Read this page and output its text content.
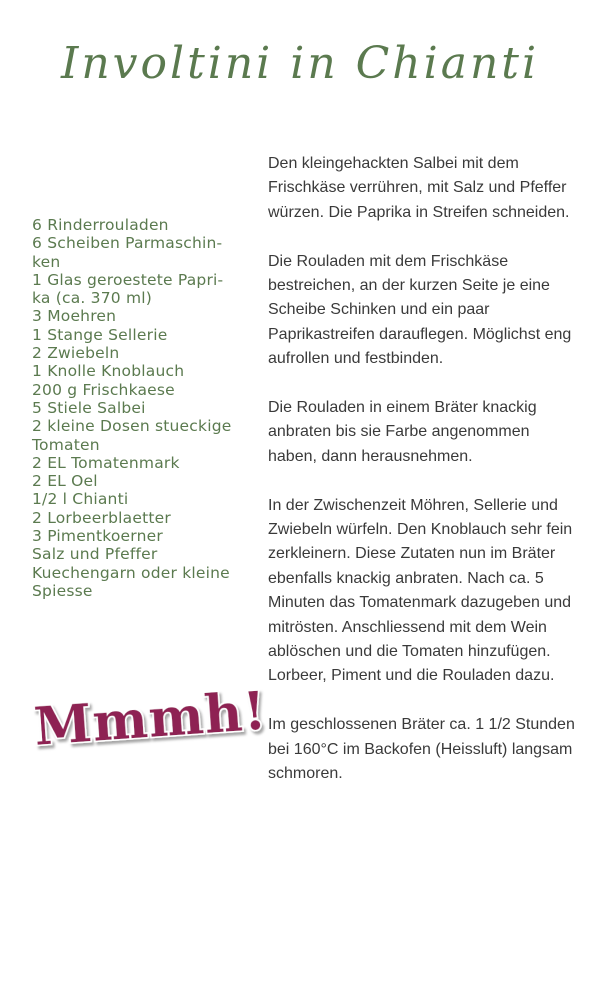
Involtini in Chianti
6 Rinderrouladen
6 Scheiben Parmaschin-
ken
1 Glas geroestete Papri-
ka (ca. 370 ml)
3 Moehren
1 Stange Sellerie
2 Zwiebeln
1 Knolle Knoblauch
200 g Frischkaese
5 Stiele Salbei
2 kleine Dosen stueckige
Tomaten
2 EL Tomatenmark
2 EL Oel
1/2 l Chianti
2 Lorbeerblaetter
3 Pimentkoerner
Salz und Pfeffer
Kuechengarn oder kleine
Spiesse
Mmmh!

Den kleingehackten Salbei mit dem Frischkäse verrühren, mit Salz und Pfeffer würzen. Die Paprika in Streifen schneiden.

Die Rouladen mit dem Frischkäse bestreichen, an der kurzen Seite je eine Scheibe Schinken und ein paar Paprikastreifen darauflegen. Möglichst eng aufrollen und festbinden.

Die Rouladen in einem Bräter knackig anbraten bis sie Farbe angenommen haben, dann herausnehmen.

In der Zwischenzeit Möhren, Sellerie und Zwiebeln würfeln. Den Knoblauch sehr fein zerkleinern. Diese Zutaten nun im Bräter ebenfalls knackig anbraten. Nach ca. 5 Minuten das Tomatenmark dazugeben und mitrösten. Anschliessend mit dem Wein ablöschen und die Tomaten hinzufügen. Lorbeer, Piment und die Rouladen dazu.

Im geschlossenen Bräter ca. 1 1/2 Stunden bei 160°C im Backofen (Heissluft) langsam schmoren.
